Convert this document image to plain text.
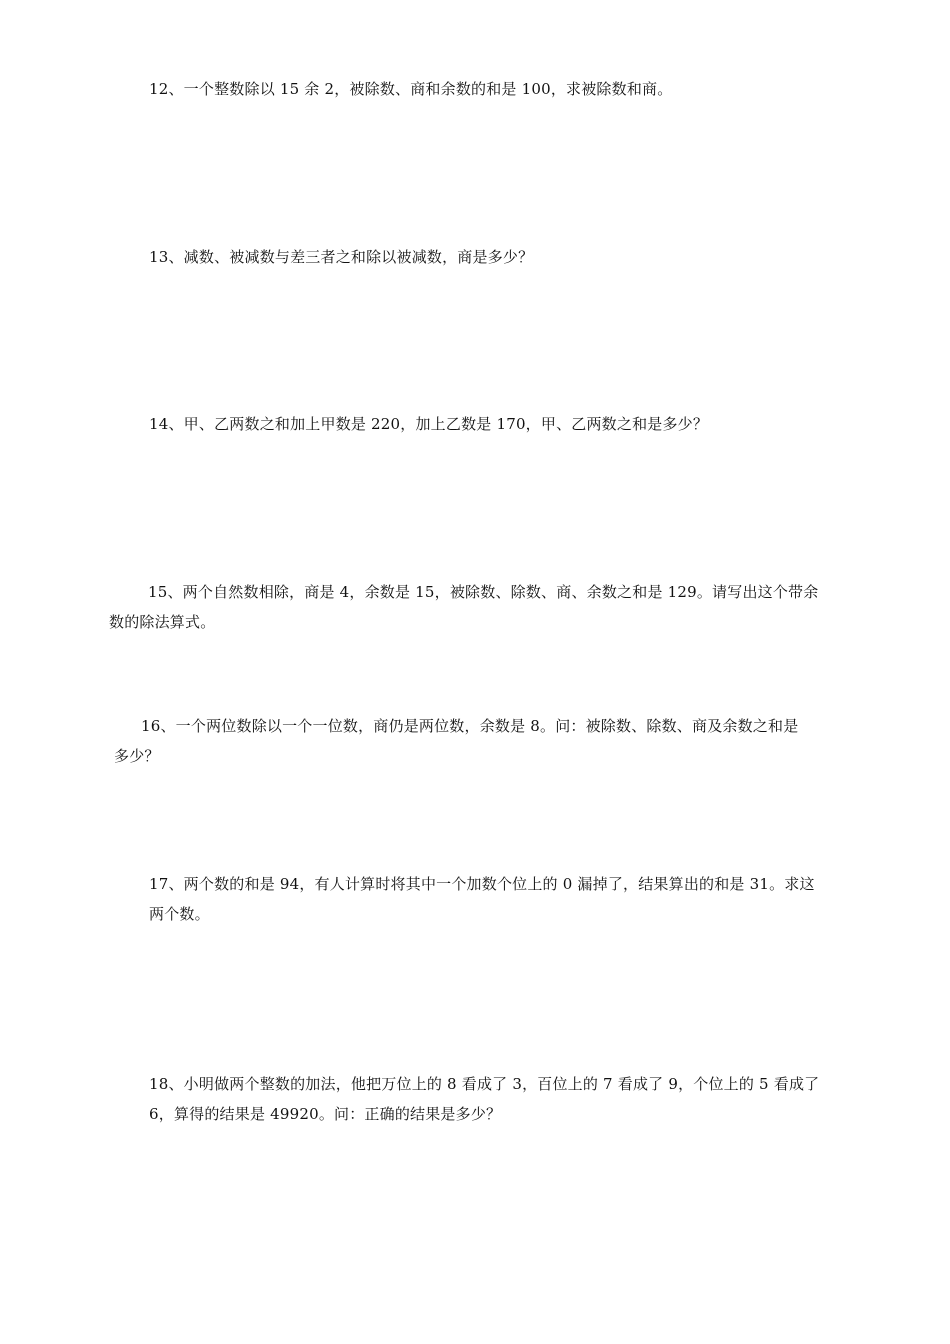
12、一个整数除以 15 余 2，被除数、商和余数的和是 100，求被除数和商。
13、减数、被减数与差三者之和除以被减数，商是多少？
14、甲、乙两数之和加上甲数是 220，加上乙数是 170，甲、乙两数之和是多少？
15、两个自然数相除，商是 4，余数是 15，被除数、除数、商、余数之和是 129。请写出这个带余
数的除法算式。
16、一个两位数除以一个一位数，商仍是两位数，余数是 8。问：被除数、除数、商及余数之和是
多少？
17、两个数的和是 94，有人计算时将其中一个加数个位上的 0 漏掉了，结果算出的和是 31。求这
两个数。
18、小明做两个整数的加法，他把万位上的 8 看成了 3，百位上的 7 看成了 9，个位上的 5 看成了
6，算得的结果是 49920。问：正确的结果是多少？
